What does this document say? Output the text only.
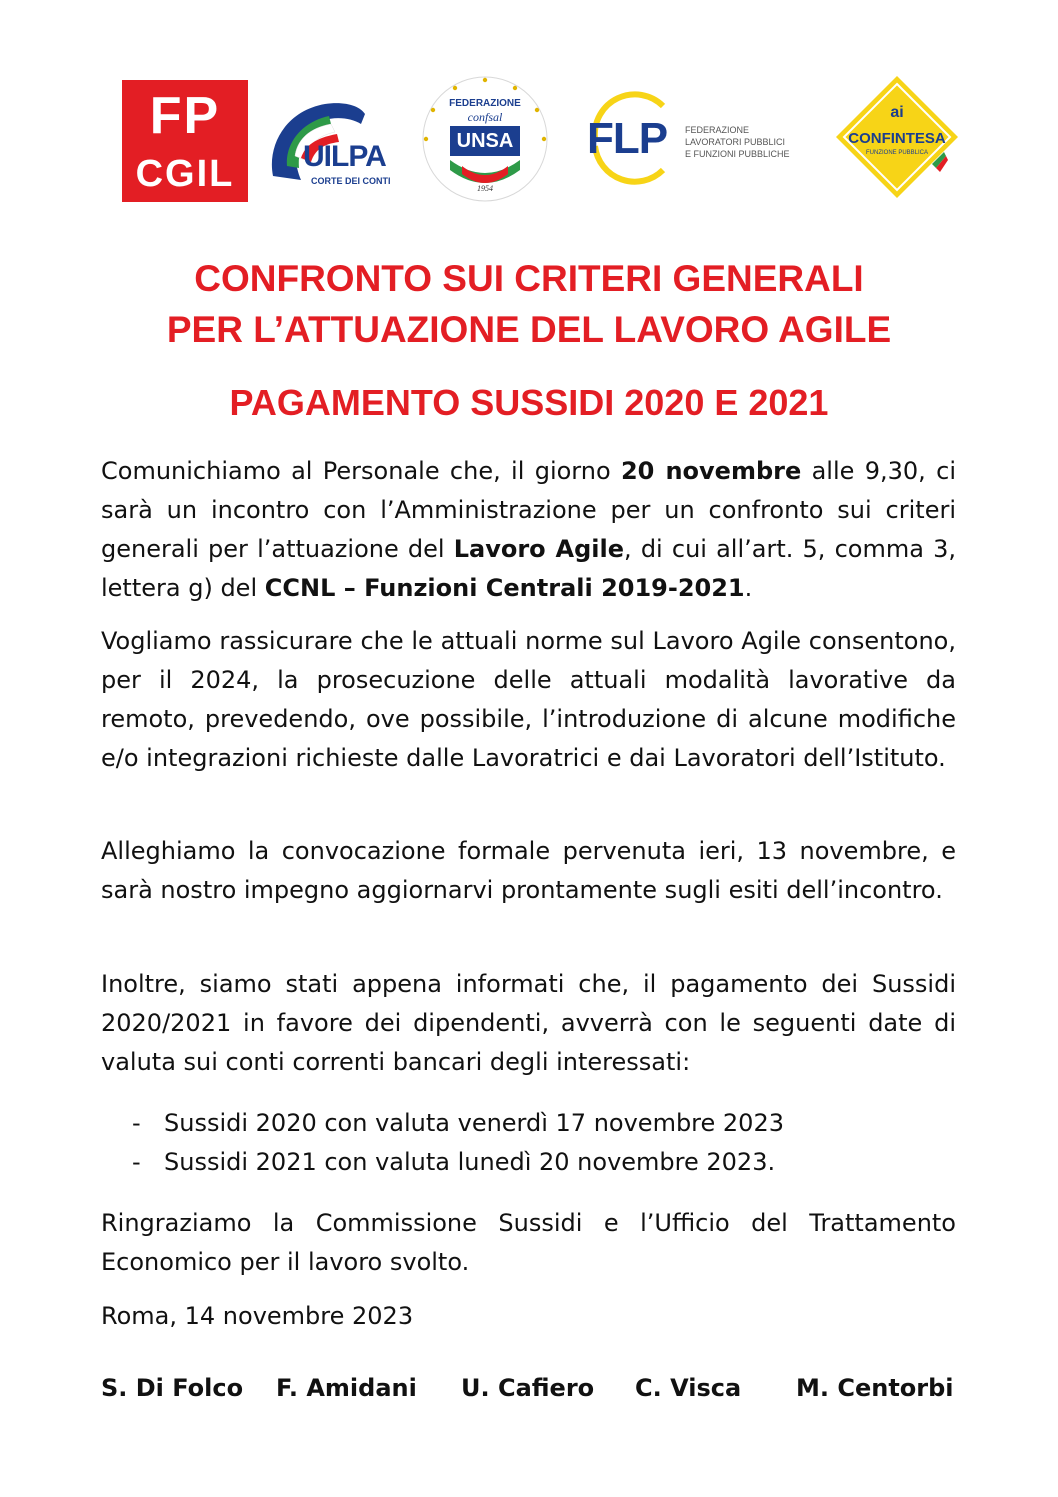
FP
CGIL	UILPA
CORTE DEI CONTI
FEDERAZIONE
confsal
UNSA
1954
FLP FEDERAZIONE
LAVORATORI PUBBLICI
E FUNZIONI PUBBLICHE
ai
CONFINTESA
FUNZIONE PUBBLICA
CONFRONTO SUI CRITERI GENERALI
PER L’ATTUAZIONE DEL LAVORO AGILE
PAGAMENTO SUSSIDI 2020 E 2021

Comunichiamo al Personale che, il giorno 20 novembre alle 9,30, ci sarà un incontro con l’Amministrazione per un confronto sui criteri generali per l’attuazione del Lavoro Agile, di cui all’art. 5, comma 3, lettera g) del CCNL – Funzioni Centrali 2019-2021.

Vogliamo rassicurare che le attuali norme sul Lavoro Agile consentono, per il 2024, la prosecuzione delle attuali modalità lavorative da remoto, prevedendo, ove possibile, l’introduzione di alcune modifiche e/o integrazioni richieste dalle Lavoratrici e dai Lavoratori dell’Istituto.

Alleghiamo la convocazione formale pervenuta ieri, 13 novembre, e sarà nostro impegno aggiornarvi prontamente sugli esiti dell’incontro.

Inoltre, siamo stati appena informati che, il pagamento dei Sussidi 2020/2021 in favore dei dipendenti, avverrà con le seguenti date di valuta sui conti correnti bancari degli interessati:

- Sussidi 2020 con valuta venerdì 17 novembre 2023
- Sussidi 2021 con valuta lunedì 20 novembre 2023.

Ringraziamo la Commissione Sussidi e l’Ufficio del Trattamento Economico per il lavoro svolto.

Roma, 14 novembre 2023

S. Di Folco F. Amidani U. Cafiero C. Visca M. Centorbi
